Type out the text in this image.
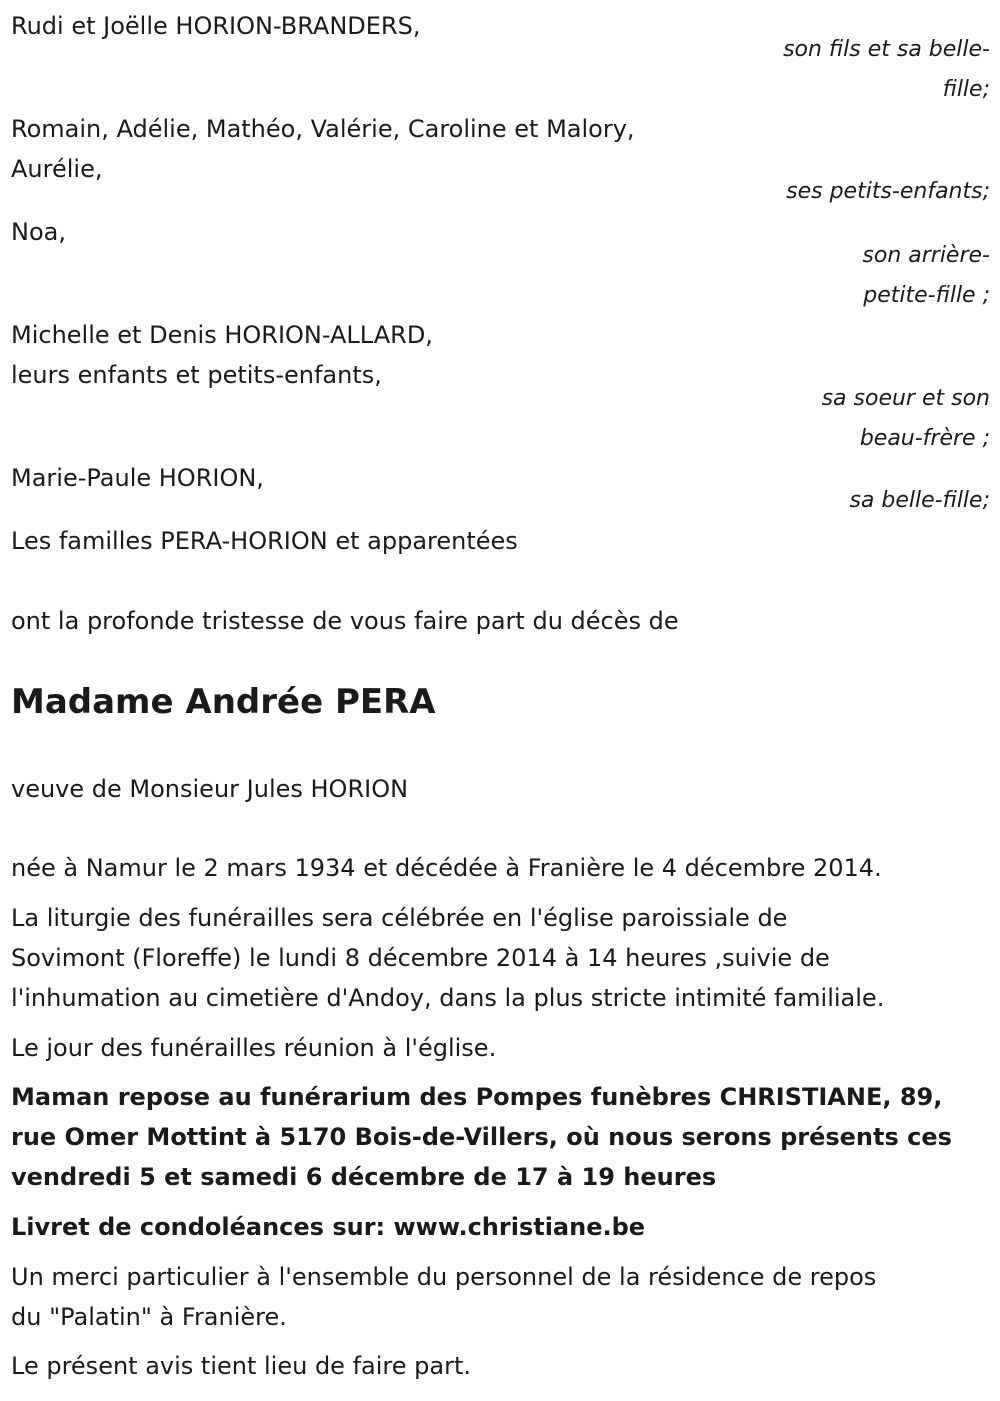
Rudi et Joëlle HORION-BRANDERS,

son fils et sa belle-

fille;

Romain, Adélie, Mathéo, Valérie, Caroline et Malory,

Aurélie,

ses petits-enfants;

Noa,

son arrière-

petite-fille ;

Michelle et Denis HORION-ALLARD,

leurs enfants et petits-enfants,

sa soeur et son

beau-frère ;

Marie-Paule HORION,

sa belle-fille;

Les familles PERA-HORION et apparentées

ont la profonde tristesse de vous faire part du décès de

Madame Andrée PERA

veuve de Monsieur Jules HORION

née à Namur le 2 mars 1934 et décédée à Franière le 4 décembre 2014.

La liturgie des funérailles sera célébrée en l'église paroissiale de

Sovimont (Floreffe) le lundi 8 décembre 2014 à 14 heures ,suivie de

l'inhumation au cimetière d'Andoy, dans la plus stricte intimité familiale.

Le jour des funérailles réunion à l'église.

Maman repose au funérarium des Pompes funèbres CHRISTIANE, 89,

rue Omer Mottint à 5170 Bois-de-Villers, où nous serons présents ces

vendredi 5 et samedi 6 décembre de 17 à 19 heures

Livret de condoléances sur: www.christiane.be

Un merci particulier à l'ensemble du personnel de la résidence de repos

du "Palatin" à Franière.

Le présent avis tient lieu de faire part.
